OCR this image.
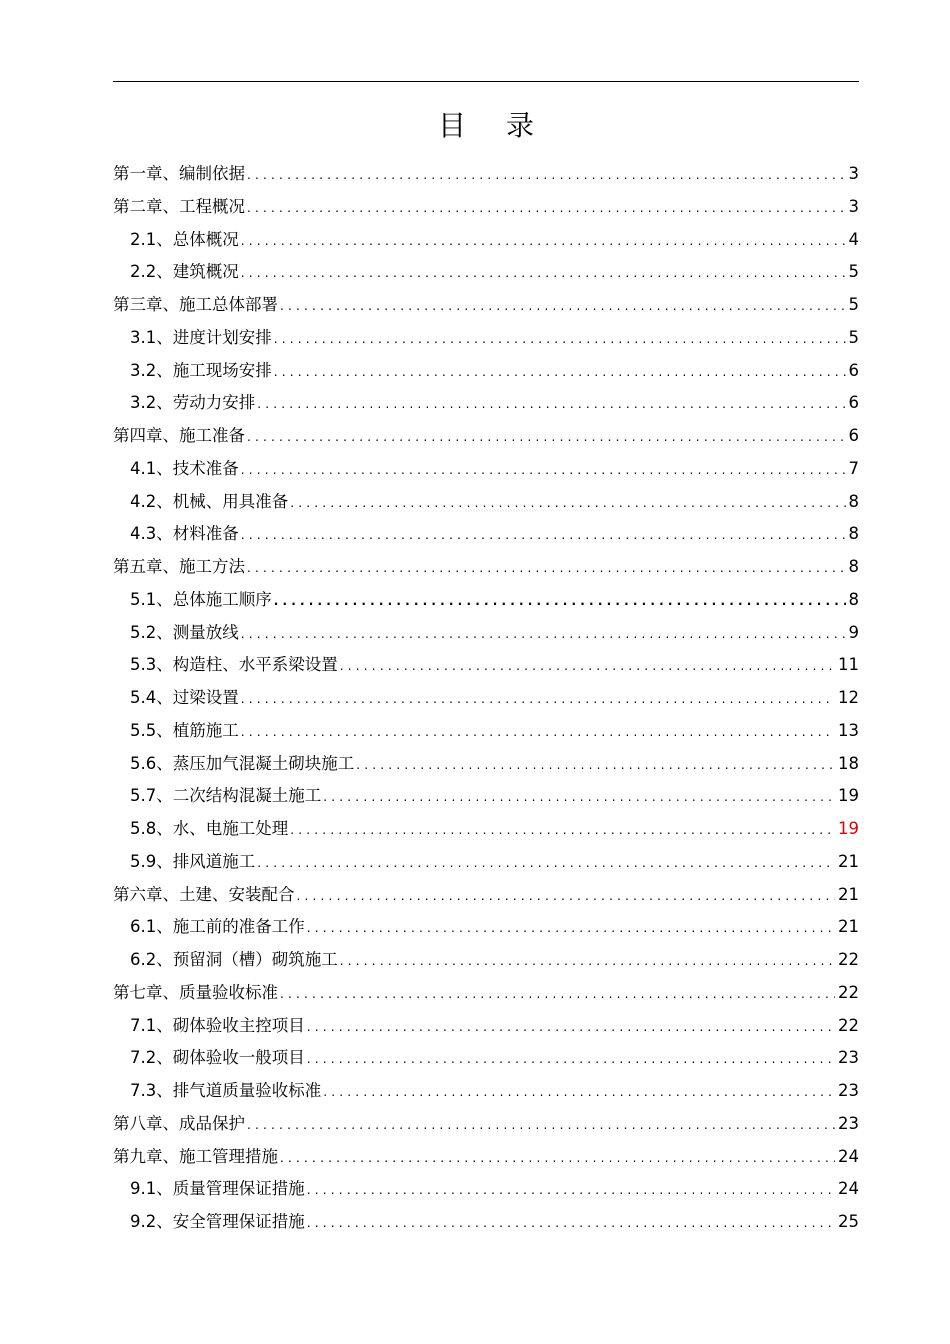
目录
第一章、编制依据 .....	3
第二章、工程概况 .....	3
2.1、总体概况 .....	4
2.2、建筑概况 .....	5
第三章、施工总体部署 .....	5
3.1、进度计划安排 .....	5
3.2、施工现场安排 .....	6
3.2、劳动力安排 .....	6
第四章、施工准备 .....	6
4.1、技术准备 .....	7
4.2、机械、用具准备 .....	8
4.3、材料准备 .....	8
第五章、施工方法 .....	8
5.1、总体施工顺序 .....	8
5.2、测量放线 .....	9
5.3、构造柱、水平系梁设置 .....	11
5.4、过梁设置 .....	12
5.5、植筋施工 .....	13
5.6、蒸压加气混凝土砌块施工 .....	18
5.7、二次结构混凝土施工 .....	19
5.8、水、电施工处理 .....	19
5.9、排风道施工 .....	21
第六章、土建、安装配合 .....	21
6.1、施工前的准备工作 .....	21
6.2、预留洞（槽）砌筑施工 .....	22
第七章、质量验收标准 .....	22
7.1、砌体验收主控项目 .....	22
7.2、砌体验收一般项目 .....	23
7.3、排气道质量验收标准 .....	23
第八章、成品保护 .....	23
第九章、施工管理措施 .....	24
9.1、质量管理保证措施 .....	24
9.2、安全管理保证措施 .....	25
